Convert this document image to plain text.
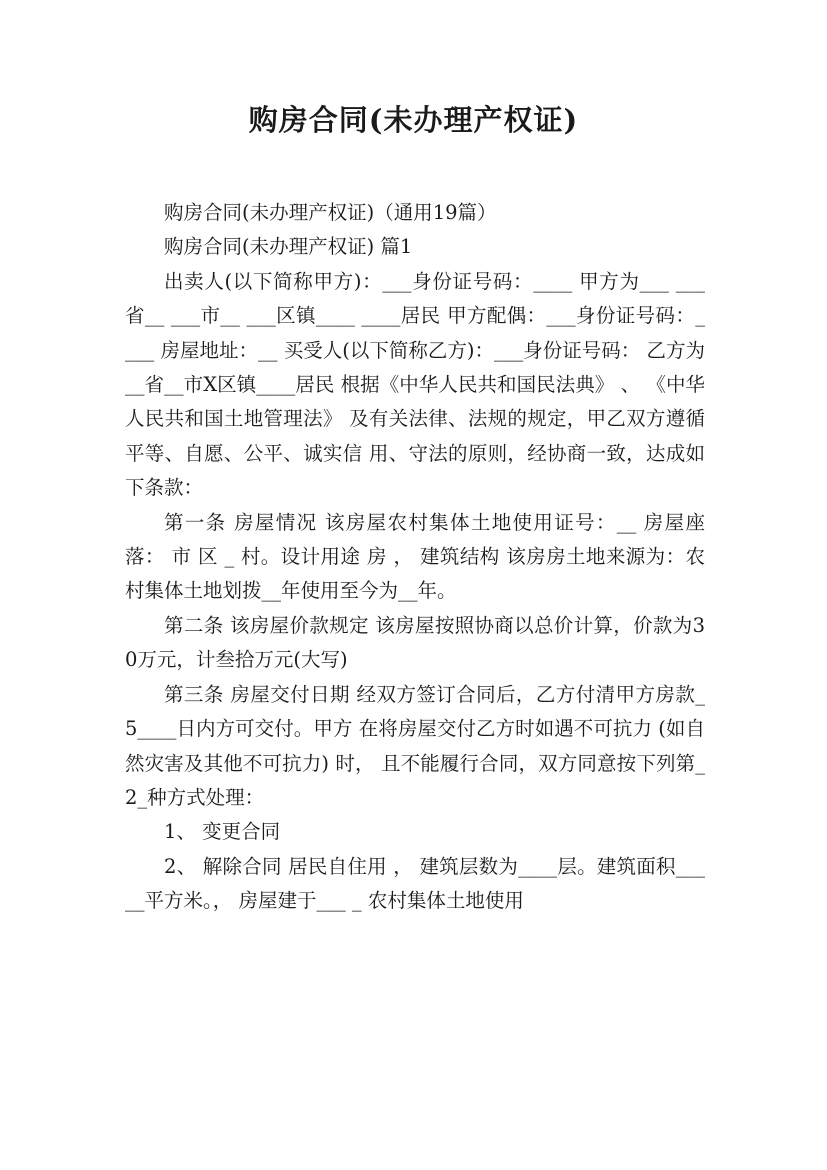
购房合同(未办理产权证)

购房合同(未办理产权证)（通用19篇）

购房合同(未办理产权证) 篇1

出卖人(以下简称甲方)：___身份证号码：____ 甲方为___ ___省__ ___市__ ___区镇____ ____居民 甲方配偶：___身份证号码：_ ___ 房屋地址：__ 买受人(以下简称乙方)：___身份证号码： 乙方为__省__市X区镇____居民 根据《中华人民共和国民法典》 、 《中华人民共和国土地管理法》 及有关法律、法规的规定，甲乙双方遵循平等、自愿、公平、诚实信 用、守法的原则，经协商一致，达成如下条款：

第一条 房屋情况 该房屋农村集体土地使用证号：__ 房屋座落： 市 区 _ 村。设计用途 房 ， 建筑结构 该房房土地来源为：农村集体土地划拨__年使用至今为__年。

第二条 该房屋价款规定 该房屋按照协商以总价计算，价款为30万元，计叁拾万元(大写)

第三条 房屋交付日期 经双方签订合同后，乙方付清甲方房款_5____日内方可交付。甲方 在将房屋交付乙方时如遇不可抗力 (如自然灾害及其他不可抗力) 时， 且不能履行合同，双方同意按下列第_2_种方式处理：

1、 变更合同

2、 解除合同 居民自住用 ， 建筑层数为____层。建筑面积_____平方米。， 房屋建于___ _ 农村集体土地使用
